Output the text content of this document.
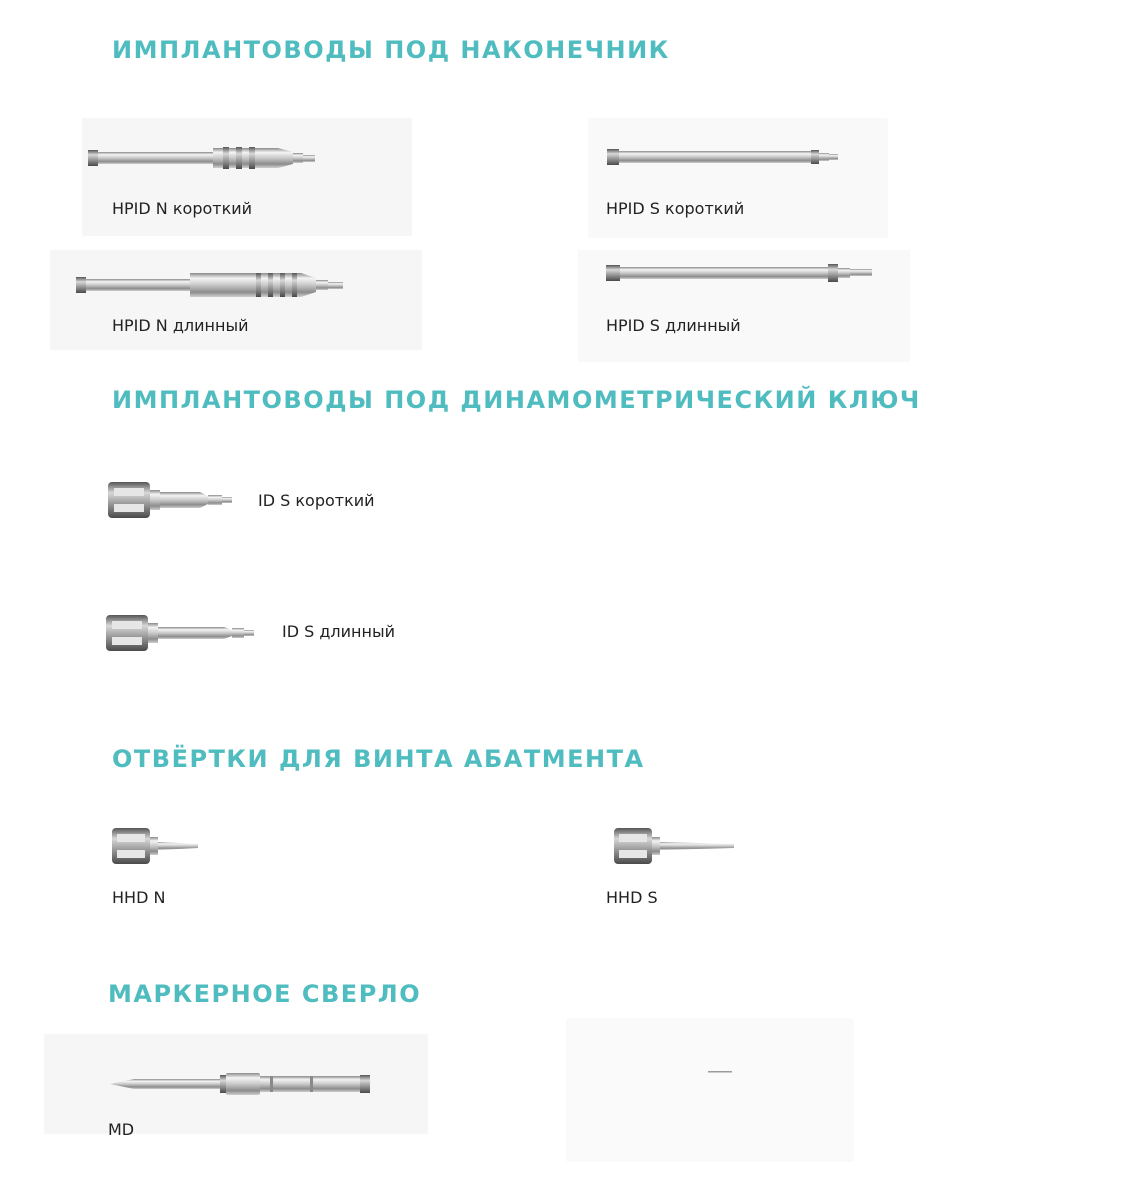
ИМПЛАНТОВОДЫ ПОД НАКОНЕЧНИК
HPID N короткий	HPID S короткий
HPID N длинный	HPID S длинный
ИМПЛАНТОВОДЫ ПОД ДИНАМОМЕТРИЧЕСКИЙ КЛЮЧ
ID S короткий
ID S длинный
ОТВЁРТКИ ДЛЯ ВИНТА АБАТМЕНТА
HHD N	HHD S
МАРКЕРНОЕ СВЕРЛО
MD
